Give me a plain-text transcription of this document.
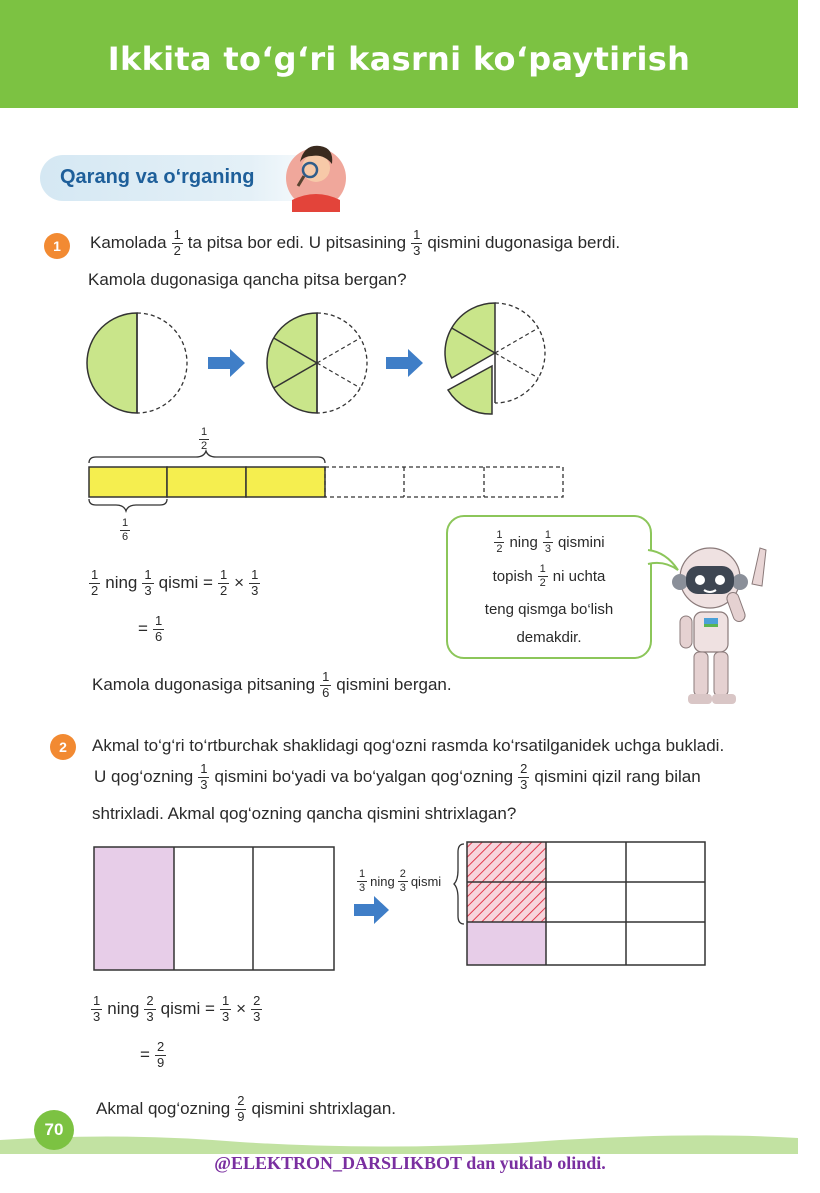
Ikkita to‘g‘ri kasrni ko‘paytirish
Qarang va o‘rganing
1	Kamolada $\frac{1}{2}$ ta pitsa bor edi. U pitsasining $\frac{1}{3}$ qismini dugonasiga berdi.
Kamola dugonasiga qancha pitsa bergan?
$\frac{1}{2}$
$\frac{1}{6}$
$\frac{1}{2}$ ning $\frac{1}{3}$ qismi = $\frac{1}{2} \times \frac{1}{3}$
= $\frac{1}{6}$
$\frac{1}{2}$ ning $\frac{1}{3}$ qismini
topish $\frac{1}{2}$ ni uchta
teng qismga bo‘lish
demakdir.
Kamola dugonasiga pitsaning $\frac{1}{6}$ qismini bergan.
2	Akmal to‘g‘ri to‘rtburchak shaklidagi qog‘ozni rasmda ko‘rsatilganidek uchga bukladi.
U qog‘ozning $\frac{1}{3}$ qismini bo‘yadi va bo‘yalgan qog‘ozning $\frac{2}{3}$ qismini qizil rang bilan
shtrixladi. Akmal qog‘ozning qancha qismini shtrixlagan?
$\frac{1}{3}$ ning $\frac{2}{3}$ qismi
$\frac{1}{3}$ ning $\frac{2}{3}$ qismi = $\frac{1}{3} \times \frac{2}{3}$
= $\frac{2}{9}$
Akmal qog‘ozning $\frac{2}{9}$ qismini shtrixlagan.
70
@ELEKTRON_DARSLIKBOT dan yuklab olindi.
